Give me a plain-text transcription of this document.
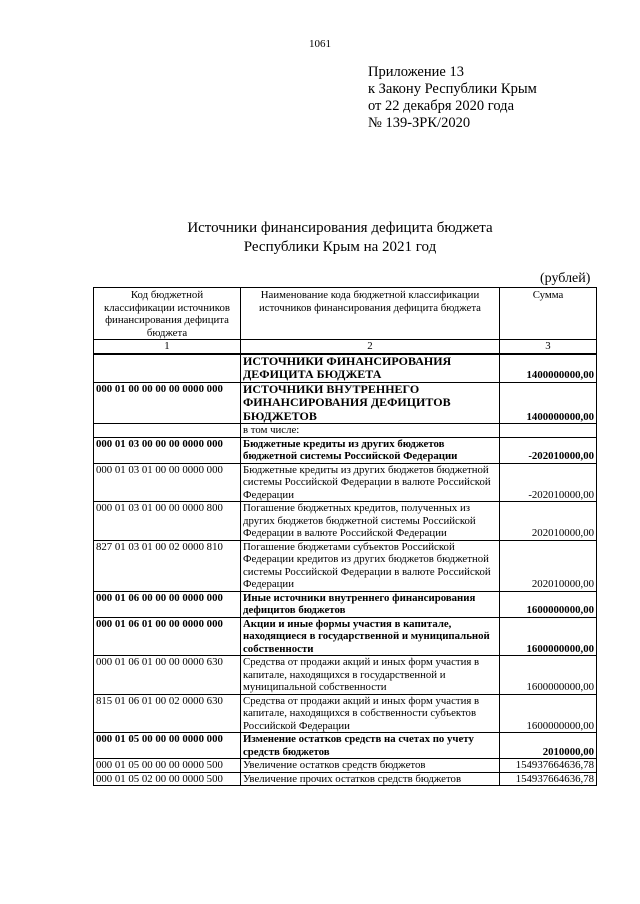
1061
Приложение 13
к Закону Республики Крым
от 22 декабря 2020 года
№ 139-ЗРК/2020
Источники финансирования дефицита бюджета
Республики Крым на 2021 год
(рублей)
Код бюджетной классификации источников финансирования дефицита бюджета	Наименование кода бюджетной классификации источников финансирования дефицита бюджета	Сумма
1	2	3
	ИСТОЧНИКИ ФИНАНСИРОВАНИЯ ДЕФИЦИТА БЮДЖЕТА	1400000000,00
000 01 00 00 00 00 0000 000	ИСТОЧНИКИ ВНУТРЕННЕГО ФИНАНСИРОВАНИЯ ДЕФИЦИТОВ БЮДЖЕТОВ	1400000000,00
	в том числе:	
000 01 03 00 00 00 0000 000	Бюджетные кредиты из других бюджетов бюджетной системы Российской Федерации	-202010000,00
000 01 03 01 00 00 0000 000	Бюджетные кредиты из других бюджетов бюджетной системы Российской Федерации в валюте Российской Федерации	-202010000,00
000 01 03 01 00 00 0000 800	Погашение бюджетных кредитов, полученных из других бюджетов бюджетной системы Российской Федерации в валюте Российской Федерации	202010000,00
827 01 03 01 00 02 0000 810	Погашение бюджетами субъектов Российской Федерации кредитов из других бюджетов бюджетной системы Российской Федерации в валюте Российской Федерации	202010000,00
000 01 06 00 00 00 0000 000	Иные источники внутреннего финансирования дефицитов бюджетов	1600000000,00
000 01 06 01 00 00 0000 000	Акции и иные формы участия в капитале, находящиеся в государственной и муниципальной собственности	1600000000,00
000 01 06 01 00 00 0000 630	Средства от продажи акций и иных форм участия в капитале, находящихся в государственной и муниципальной собственности	1600000000,00
815 01 06 01 00 02 0000 630	Средства от продажи акций и иных форм участия в капитале, находящихся в собственности субъектов Российской Федерации	1600000000,00
000 01 05 00 00 00 0000 000	Изменение остатков средств на счетах по учету средств бюджетов	2010000,00
000 01 05 00 00 00 0000 500	Увеличение остатков средств бюджетов	154937664636,78
000 01 05 02 00 00 0000 500	Увеличение прочих остатков средств бюджетов	154937664636,78
